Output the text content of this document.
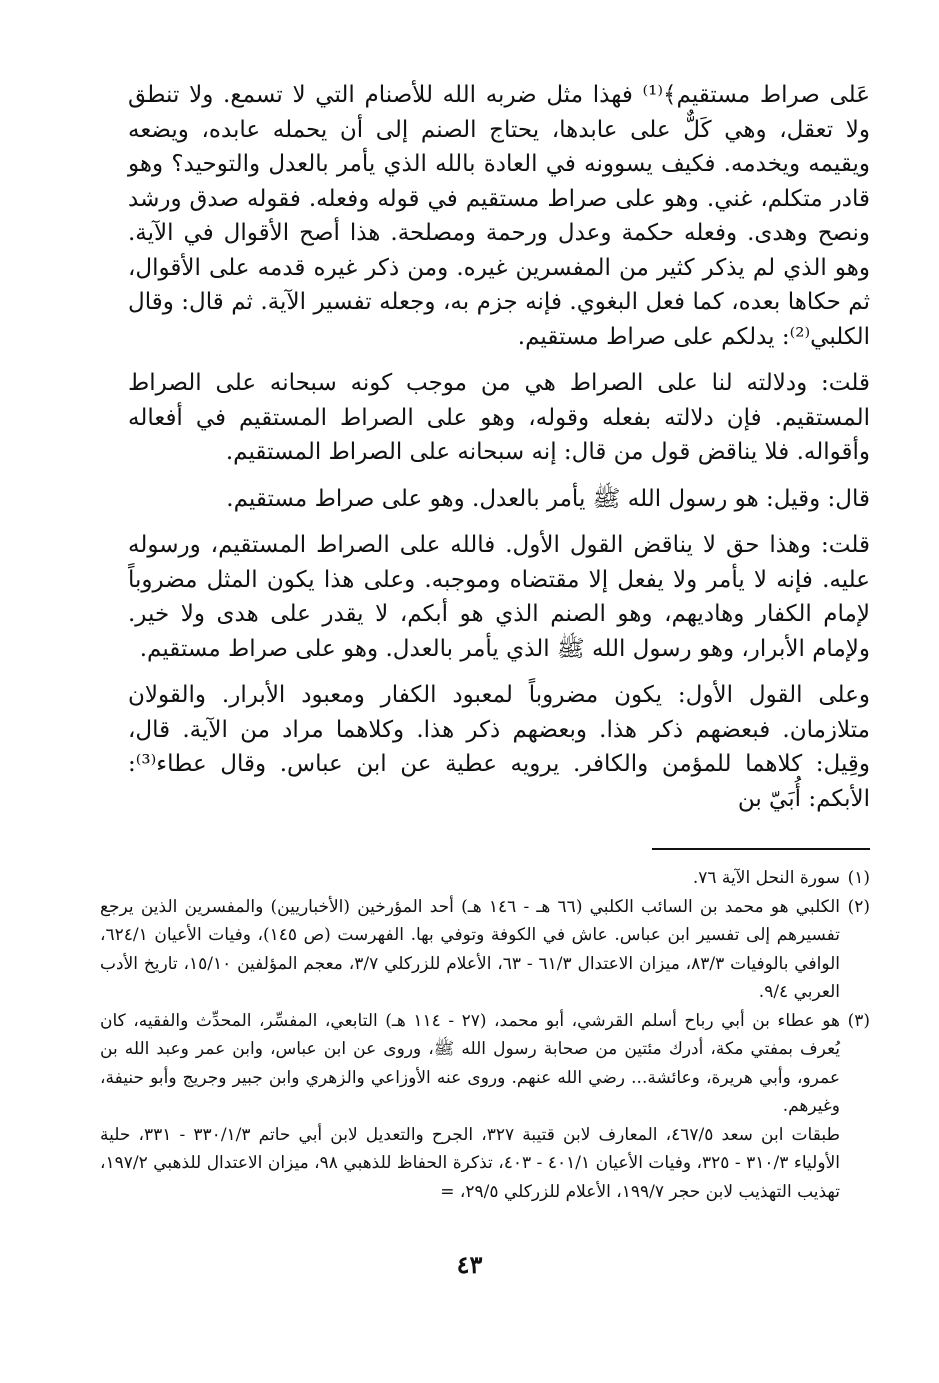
عَلى صراط مستقيم﴾⁽¹⁾ فهذا مثل ضربه الله للأصنام التي لا تسمع. ولا تنطق ولا تعقل، وهي كَلٌّ على عابدها، يحتاج الصنم إلى أن يحمله عابده، ويضعه ويقيمه ويخدمه. فكيف يسوونه في العادة بالله الذي يأمر بالعدل والتوحيد؟ وهو قادر متكلم، غني. وهو على صراط مستقيم في قوله وفعله. فقوله صدق ورشد ونصح وهدى. وفعله حكمة وعدل ورحمة ومصلحة. هذا أصح الأقوال في الآية. وهو الذي لم يذكر كثير من المفسرين غيره. ومن ذكر غيره قدمه على الأقوال، ثم حكاها بعده، كما فعل البغوي. فإنه جزم به، وجعله تفسير الآية. ثم قال: وقال الكلبي⁽²⁾: يدلكم على صراط مستقيم.

قلت: ودلالته لنا على الصراط هي من موجب كونه سبحانه على الصراط المستقيم. فإن دلالته بفعله وقوله، وهو على الصراط المستقيم في أفعاله وأقواله. فلا يناقض قول من قال: إنه سبحانه على الصراط المستقيم.

قال: وقيل: هو رسول الله ﷺ يأمر بالعدل. وهو على صراط مستقيم.

قلت: وهذا حق لا يناقض القول الأول. فالله على الصراط المستقيم، ورسوله عليه. فإنه لا يأمر ولا يفعل إلا مقتضاه وموجبه. وعلى هذا يكون المثل مضروباً لإمام الكفار وهاديهم، وهو الصنم الذي هو أبكم، لا يقدر على هدى ولا خير. ولإمام الأبرار، وهو رسول الله ﷺ الذي يأمر بالعدل. وهو على صراط مستقيم.

وعلى القول الأول: يكون مضروباً لمعبود الكفار ومعبود الأبرار. والقولان متلازمان. فبعضهم ذكر هذا. وبعضهم ذكر هذا. وكلاهما مراد من الآية. قال، وقِيل: كلاهما للمؤمن والكافر. يرويه عطية عن ابن عباس. وقال عطاء⁽³⁾: الأبكم: أُبَيّ بن

(١)

سورة النحل الآية ٧٦.

(٢)

الكلبي هو محمد بن السائب الكلبي (٦٦ هـ - ١٤٦ هـ) أحد المؤرخين (الأخباريين) والمفسرين الذين يرجع تفسيرهم إلى تفسير ابن عباس. عاش في الكوفة وتوفي بها. الفهرست (ص ١٤٥)، وفيات الأعيان ٦٢٤/١، الوافي بالوفيات ٨٣/٣، ميزان الاعتدال ٦١/٣ - ٦٣، الأعلام للزركلي ٣/٧، معجم المؤلفين ١٥/١٠، تاريخ الأدب العربي ٩/٤.

(٣)

هو عطاء بن أبي رباح أسلم القرشي، أبو محمد، (٢٧ - ١١٤ هـ) التابعي، المفسِّر، المحدِّث والفقيه، كان يُعرف بمفتي مكة، أدرك مئتين من صحابة رسول الله ﷺ، وروى عن ابن عباس، وابن عمر وعبد الله بن عمرو، وأبي هريرة، وعائشة... رضي الله عنهم. وروى عنه الأوزاعي والزهري وابن جبير وجريج وأبو حنيفة، وغيرهم.

طبقات ابن سعد ٤٦٧/٥، المعارف لابن قتيبة ٣٢٧، الجرح والتعديل لابن أبي حاتم ٣٣٠/١/٣ - ٣٣١، حلية الأولياء ٣١٠/٣ - ٣٢٥، وفيات الأعيان ٤٠١/١ - ٤٠٣، تذكرة الحفاظ للذهبي ٩٨، ميزان الاعتدال للذهبي ١٩٧/٢، تهذيب التهذيب لابن حجر ١٩٩/٧، الأعلام للزركلي ٢٩/٥، =

٤٣
